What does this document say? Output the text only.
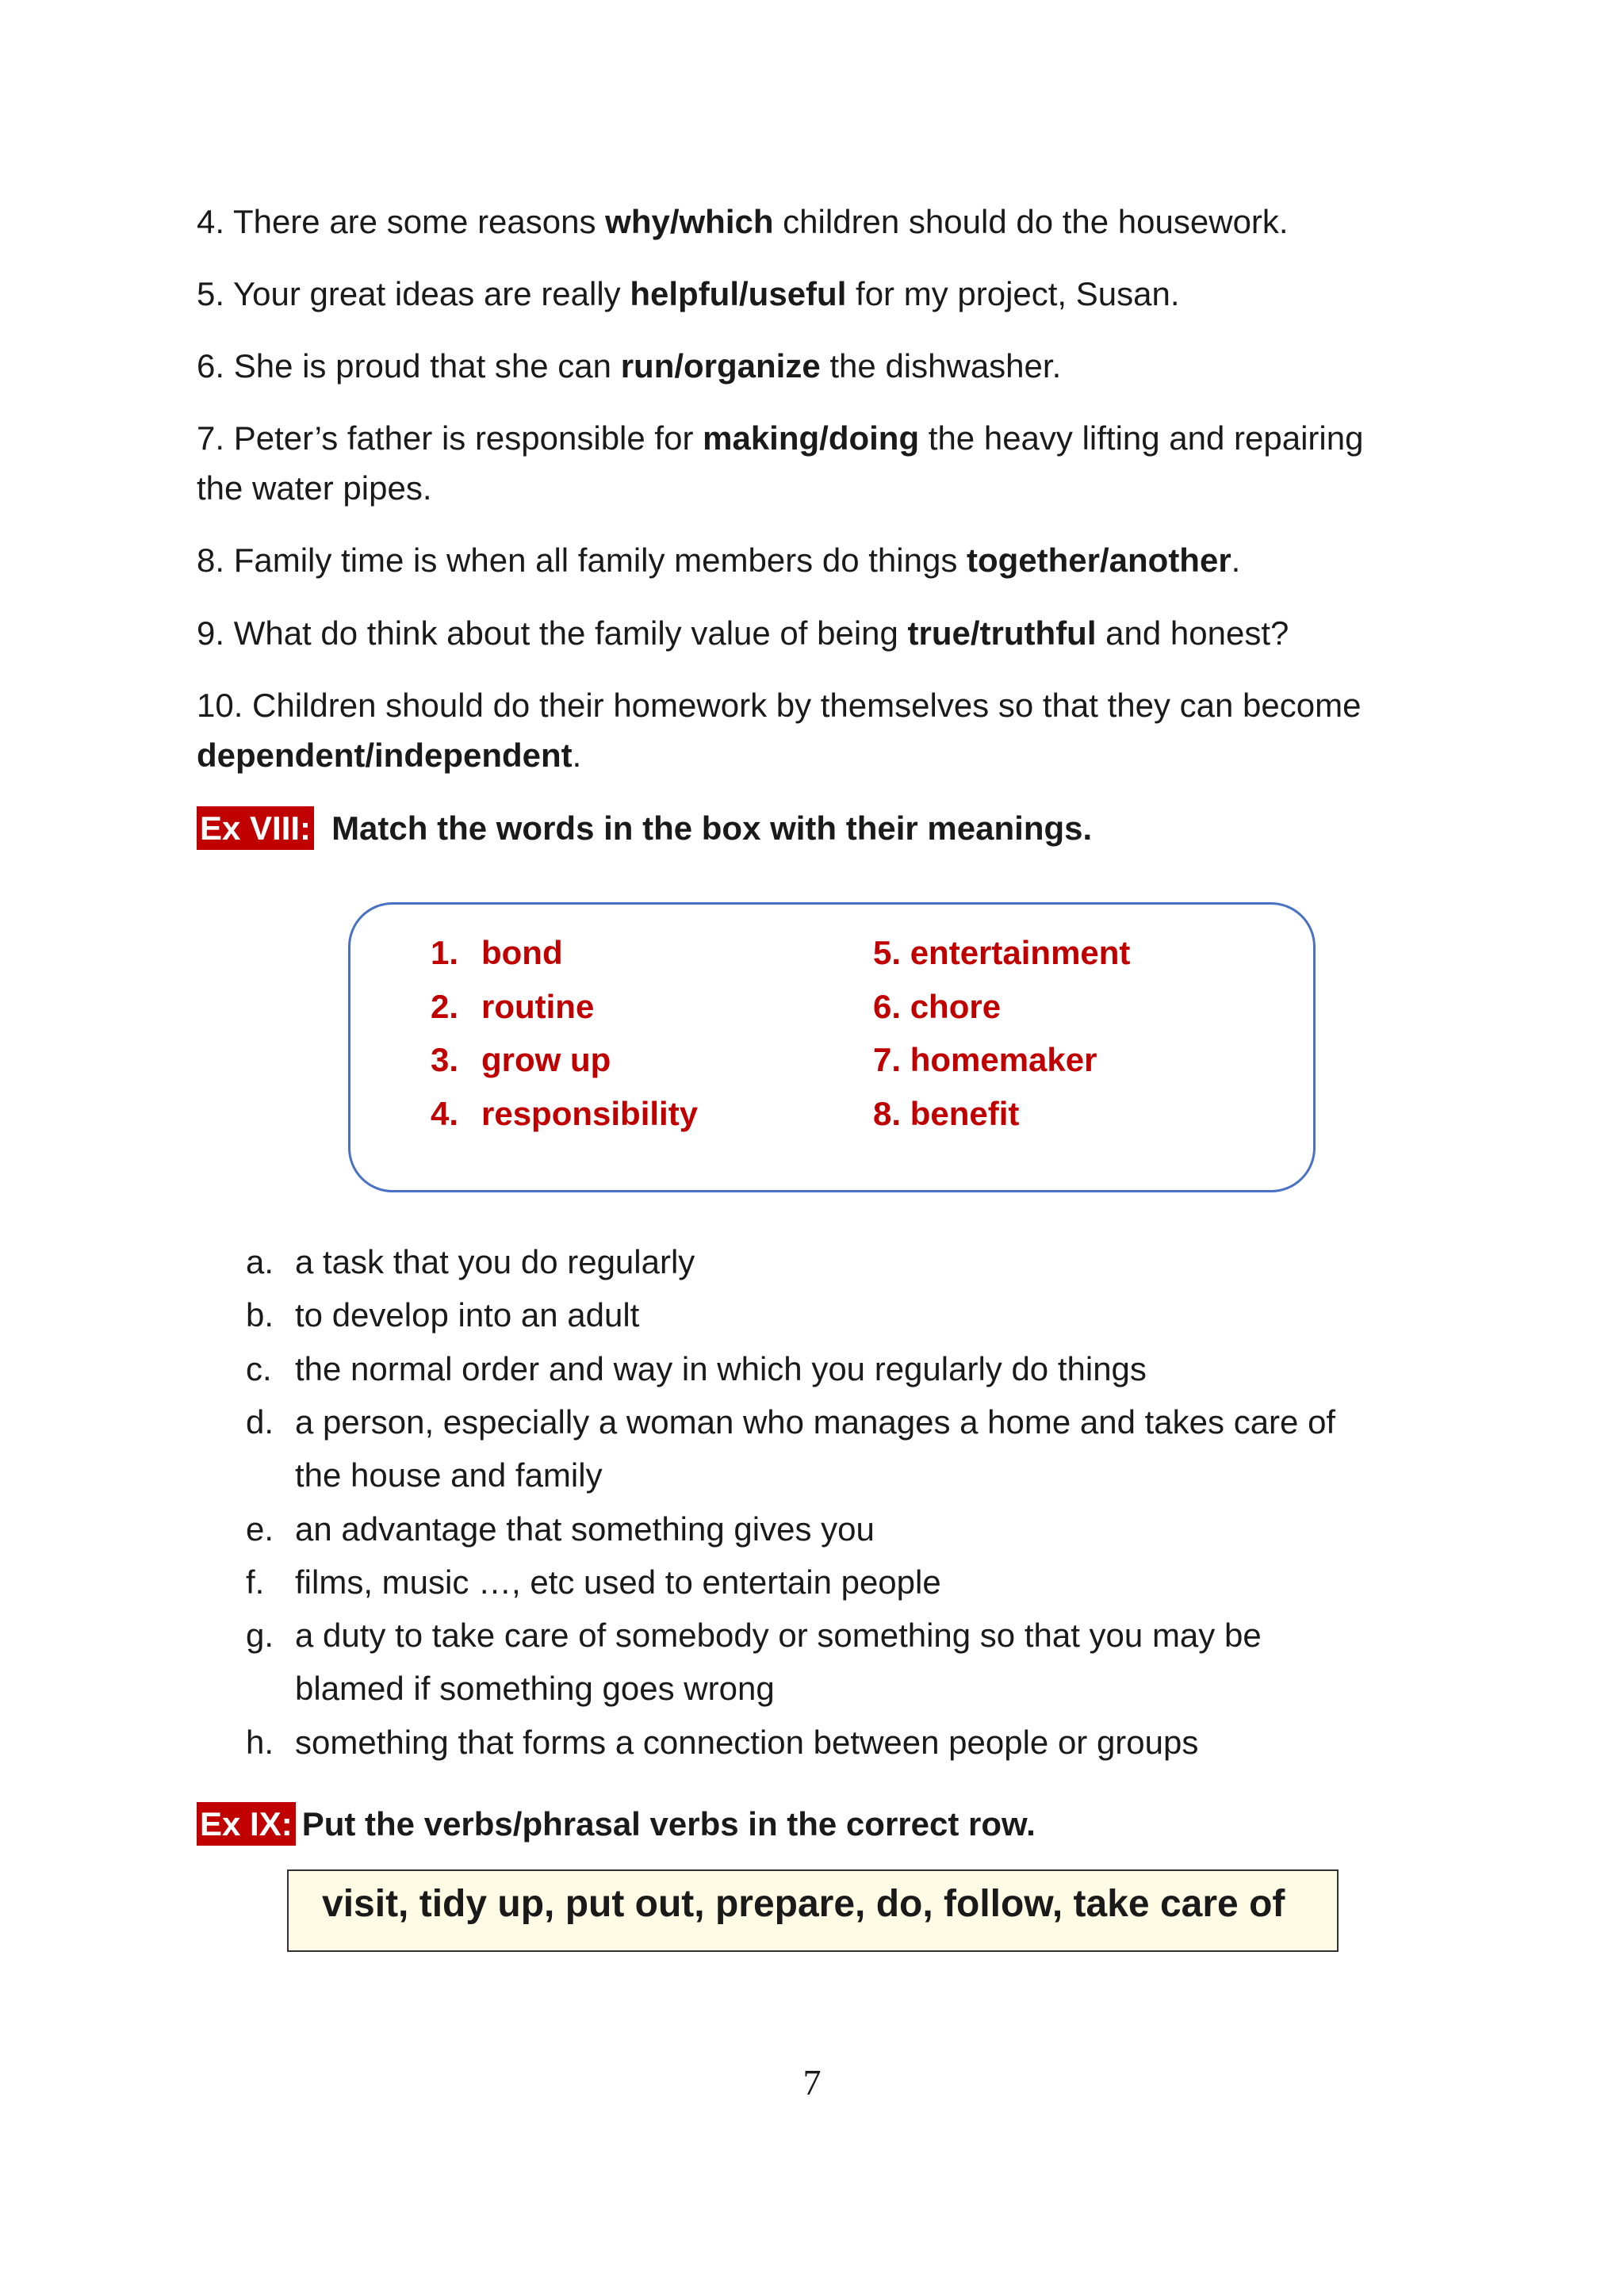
4. There are some reasons why/which children should do the housework.
5. Your great ideas are really helpful/useful for my project, Susan.
6. She is proud that she can run/organize the dishwasher.
7. Peter’s father is responsible for making/doing the heavy lifting and repairing
the water pipes.
8. Family time is when all family members do things together/another.
9. What do think about the family value of being true/truthful and honest?
10. Children should do their homework by themselves so that they can become
dependent/independent.
Ex VIII: Match the words in the box with their meanings.
1. bond
2. routine
3. grow up
4. responsibility
5. entertainment
6. chore
7. homemaker
8. benefit
a. a task that you do regularly
b. to develop into an adult
c. the normal order and way in which you regularly do things
d. a person, especially a woman who manages a home and takes care of
the house and family
e. an advantage that something gives you
f. films, music …, etc used to entertain people
g. a duty to take care of somebody or something so that you may be
blamed if something goes wrong
h. something that forms a connection between people or groups
Ex IX: Put the verbs/phrasal verbs in the correct row.
visit, tidy up, put out, prepare, do, follow, take care of
7
